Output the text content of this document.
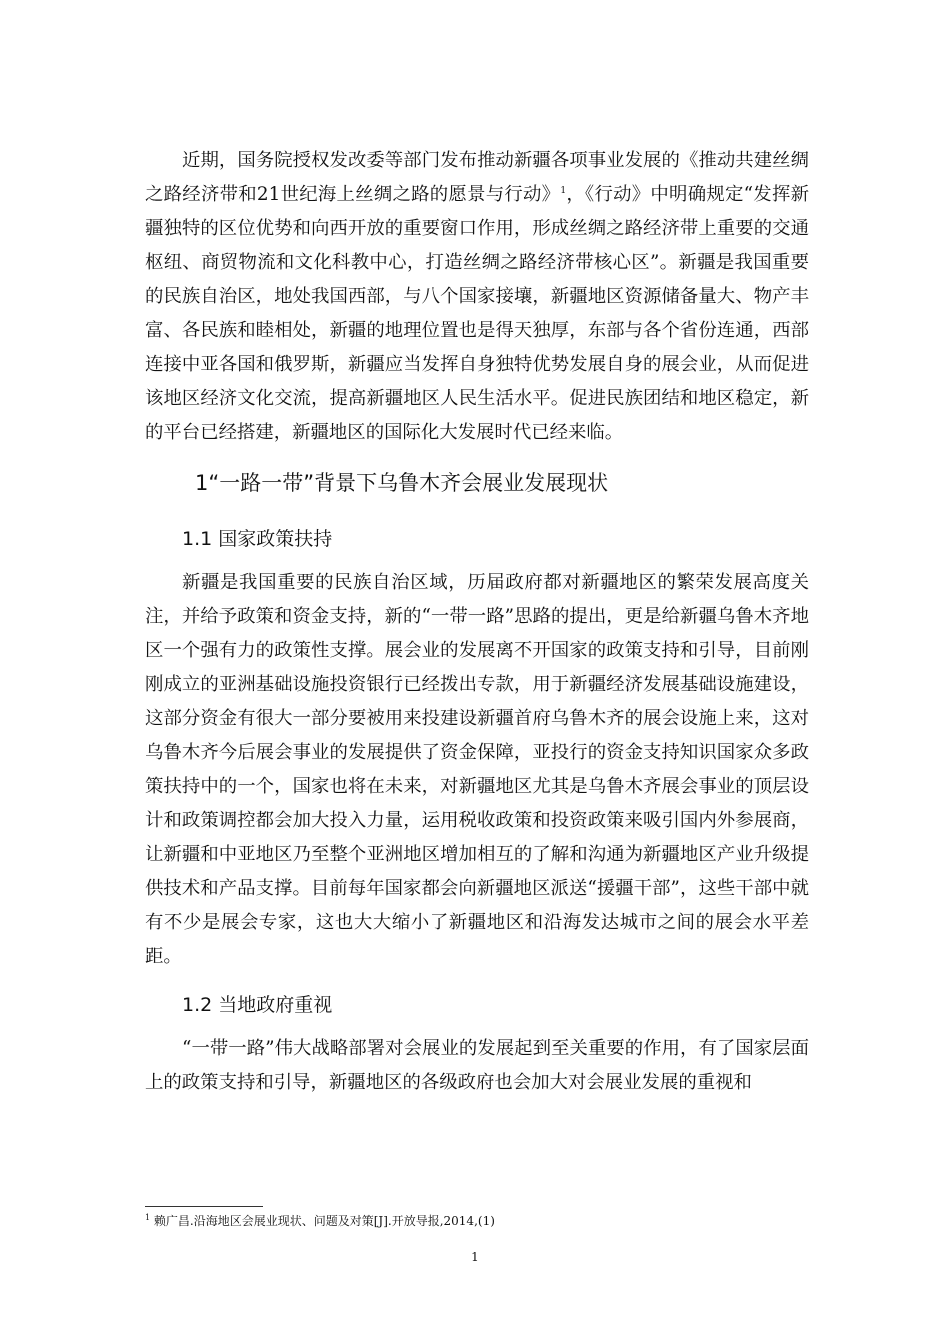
近期，国务院授权发改委等部门发布推动新疆各项事业发展的《推动共建丝绸之路经济带和21世纪海上丝绸之路的愿景与行动》$^1$，《行动》中明确规定“发挥新疆独特的区位优势和向西开放的重要窗口作用，形成丝绸之路经济带上重要的交通枢纽、商贸物流和文化科教中心，打造丝绸之路经济带核心区”。新疆是我国重要的民族自治区，地处我国西部，与八个国家接壤，新疆地区资源储备量大、物产丰富、各民族和睦相处，新疆的地理位置也是得天独厚，东部与各个省份连通，西部连接中亚各国和俄罗斯，新疆应当发挥自身独特优势发展自身的展会业，从而促进该地区经济文化交流，提高新疆地区人民生活水平。促进民族团结和地区稳定，新的平台已经搭建，新疆地区的国际化大发展时代已经来临。

1“一路一带”背景下乌鲁木齐会展业发展现状
1.1 国家政策扶持

新疆是我国重要的民族自治区域，历届政府都对新疆地区的繁荣发展高度关注，并给予政策和资金支持，新的“一带一路”思路的提出，更是给新疆乌鲁木齐地区一个强有力的政策性支撑。展会业的发展离不开国家的政策支持和引导，目前刚刚成立的亚洲基础设施投资银行已经拨出专款，用于新疆经济发展基础设施建设，这部分资金有很大一部分要被用来投建设新疆首府乌鲁木齐的展会设施上来，这对乌鲁木齐今后展会事业的发展提供了资金保障，亚投行的资金支持知识国家众多政策扶持中的一个，国家也将在未来，对新疆地区尤其是乌鲁木齐展会事业的顶层设计和政策调控都会加大投入力量，运用税收政策和投资政策来吸引国内外参展商，让新疆和中亚地区乃至整个亚洲地区增加相互的了解和沟通为新疆地区产业升级提供技术和产品支撑。目前每年国家都会向新疆地区派送“援疆干部”，这些干部中就有不少是展会专家，这也大大缩小了新疆地区和沿海发达城市之间的展会水平差距。

1.2 当地政府重视

“一带一路”伟大战略部署对会展业的发展起到至关重要的作用，有了国家层面上的政策支持和引导，新疆地区的各级政府也会加大对会展业发展的重视和

$^1$ 赖广昌.沿海地区会展业现状、问题及对策[J].开放导报,2014,(1)
1
